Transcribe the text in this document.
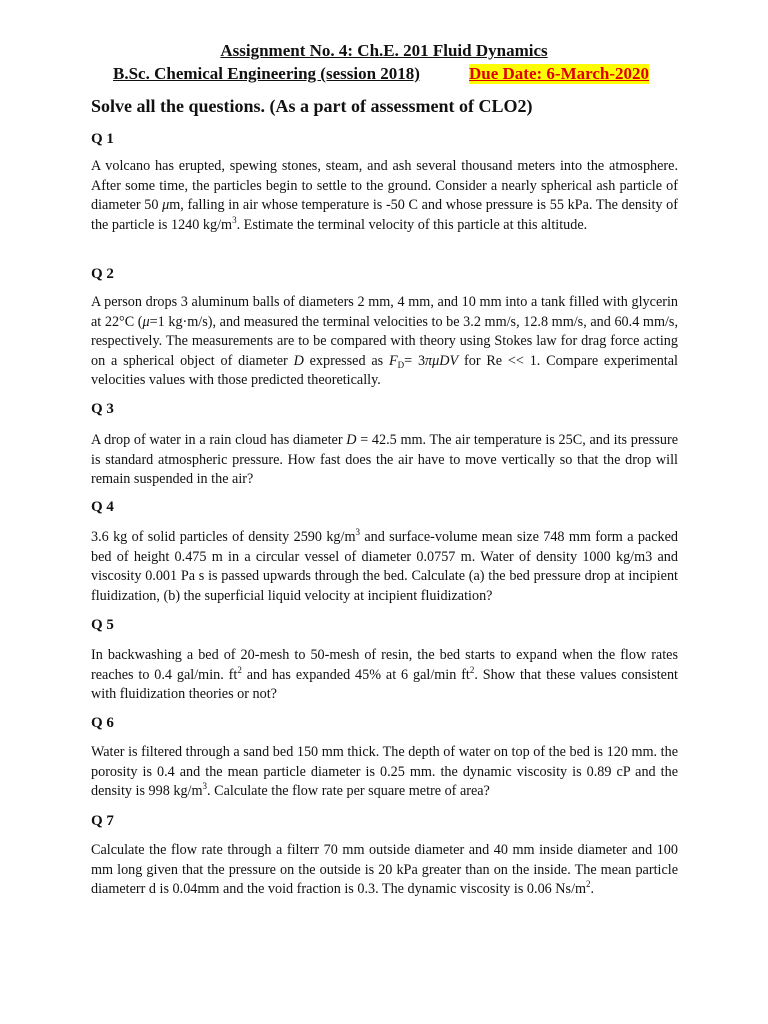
Assignment No. 4: Ch.E. 201 Fluid Dynamics
B.Sc. Chemical Engineering (session 2018)	Due Date: 6-March-2020
Solve all the questions. (As a part of assessment of CLO2)
Q 1
A volcano has erupted, spewing stones, steam, and ash several thousand meters into the atmosphere. After some time, the particles begin to settle to the ground. Consider a nearly spherical ash particle of diameter 50 μm, falling in air whose temperature is -50 C and whose pressure is 55 kPa. The density of the particle is 1240 $kg/m^3$. Estimate the terminal velocity of this particle at this altitude.
Q 2
A person drops 3 aluminum balls of diameters 2 mm, 4 mm, and 10 mm into a tank filled with glycerin at 22°C (μ=1 kg·m/s), and measured the terminal velocities to be 3.2 mm/s, 12.8 mm/s, and 60.4 mm/s, respectively. The measurements are to be compared with theory using Stokes law for drag force acting on a spherical object of diameter D expressed as $F_D= 3\pi\mu DV$ for Re << 1. Compare experimental velocities values with those predicted theoretically.
Q 3
A drop of water in a rain cloud has diameter D = 42.5 mm. The air temperature is 25C, and its pressure is standard atmospheric pressure. How fast does the air have to move vertically so that the drop will remain suspended in the air?
Q 4
3.6 kg of solid particles of density 2590 $kg/m^3$ and surface-volume mean size 748 mm form a packed bed of height 0.475 m in a circular vessel of diameter 0.0757 m. Water of density 1000 kg/m3 and viscosity 0.001 Pa s is passed upwards through the bed. Calculate (a) the bed pressure drop at incipient fluidization, (b) the superficial liquid velocity at incipient fluidization?
Q 5
In backwashing a bed of 20-mesh to 50-mesh of resin, the bed starts to expand when the flow rates reaches to 0.4 gal/min. $ft^2$ and has expanded 45% at 6 gal/min $ft^2$. Show that these values consistent with fluidization theories or not?
Q 6
Water is filtered through a sand bed 150 mm thick. The depth of water on top of the bed is 120 mm. the porosity is 0.4 and the mean particle diameter is 0.25 mm. the dynamic viscosity is 0.89 cP and the density is 998 $kg/m^3$. Calculate the flow rate per square metre of area?
Q 7
Calculate the flow rate through a filterr 70 mm outside diameter and 40 mm inside diameter and 100 mm long given that the pressure on the outside is 20 kPa greater than on the inside. The mean particle diameterr d is 0.04mm and the void fraction is 0.3. The dynamic viscosity is 0.06 $Ns/m^2$.
